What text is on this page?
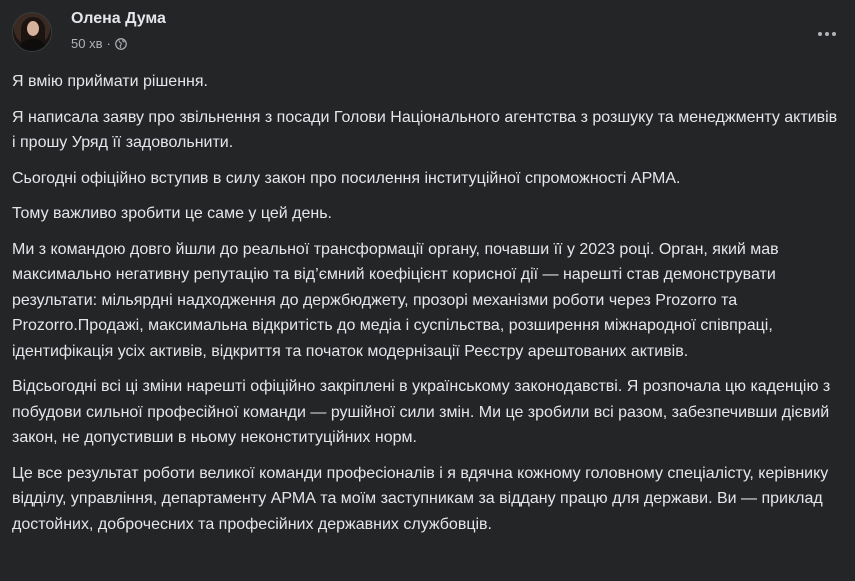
Олена Дума
50 хв ·

Я вмію приймати рішення.

Я написала заяву про звільнення з посади Голови Національного агентства з розшуку та менеджменту активів і прошу Уряд її задовольнити.

Сьогодні офіційно вступив в силу закон про посилення інституційної спроможності АРМА.

Тому важливо зробити це саме у цей день.

Ми з командою довго йшли до реальної трансформації органу, почавши її у 2023 році. Орган, який мав максимально негативну репутацію та від’ємний коефіцієнт корисної дії — нарешті став демонструвати результати: мільярдні надходження до держбюджету, прозорі механізми роботи через Prozorro та Prozorro.Продажі, максимальна відкритість до медіа і суспільства, розширення міжнародної співпраці, ідентифікація усіх активів, відкриття та початок модернізації Реєстру арештованих активів.

Відсьогодні всі ці зміни нарешті офіційно закріплені в українському законодавстві. Я розпочала цю каденцію з побудови сильної професійної команди — рушійної сили змін. Ми це зробили всі разом, забезпечивши дієвий закон, не допустивши в ньому неконституційних норм.

Це все результат роботи великої команди професіоналів і я вдячна кожному головному спеціалісту, керівнику відділу, управління, департаменту АРМА та моїм заступникам за віддану працю для держави. Ви — приклад достойних, доброчесних та професійних державних службовців.
